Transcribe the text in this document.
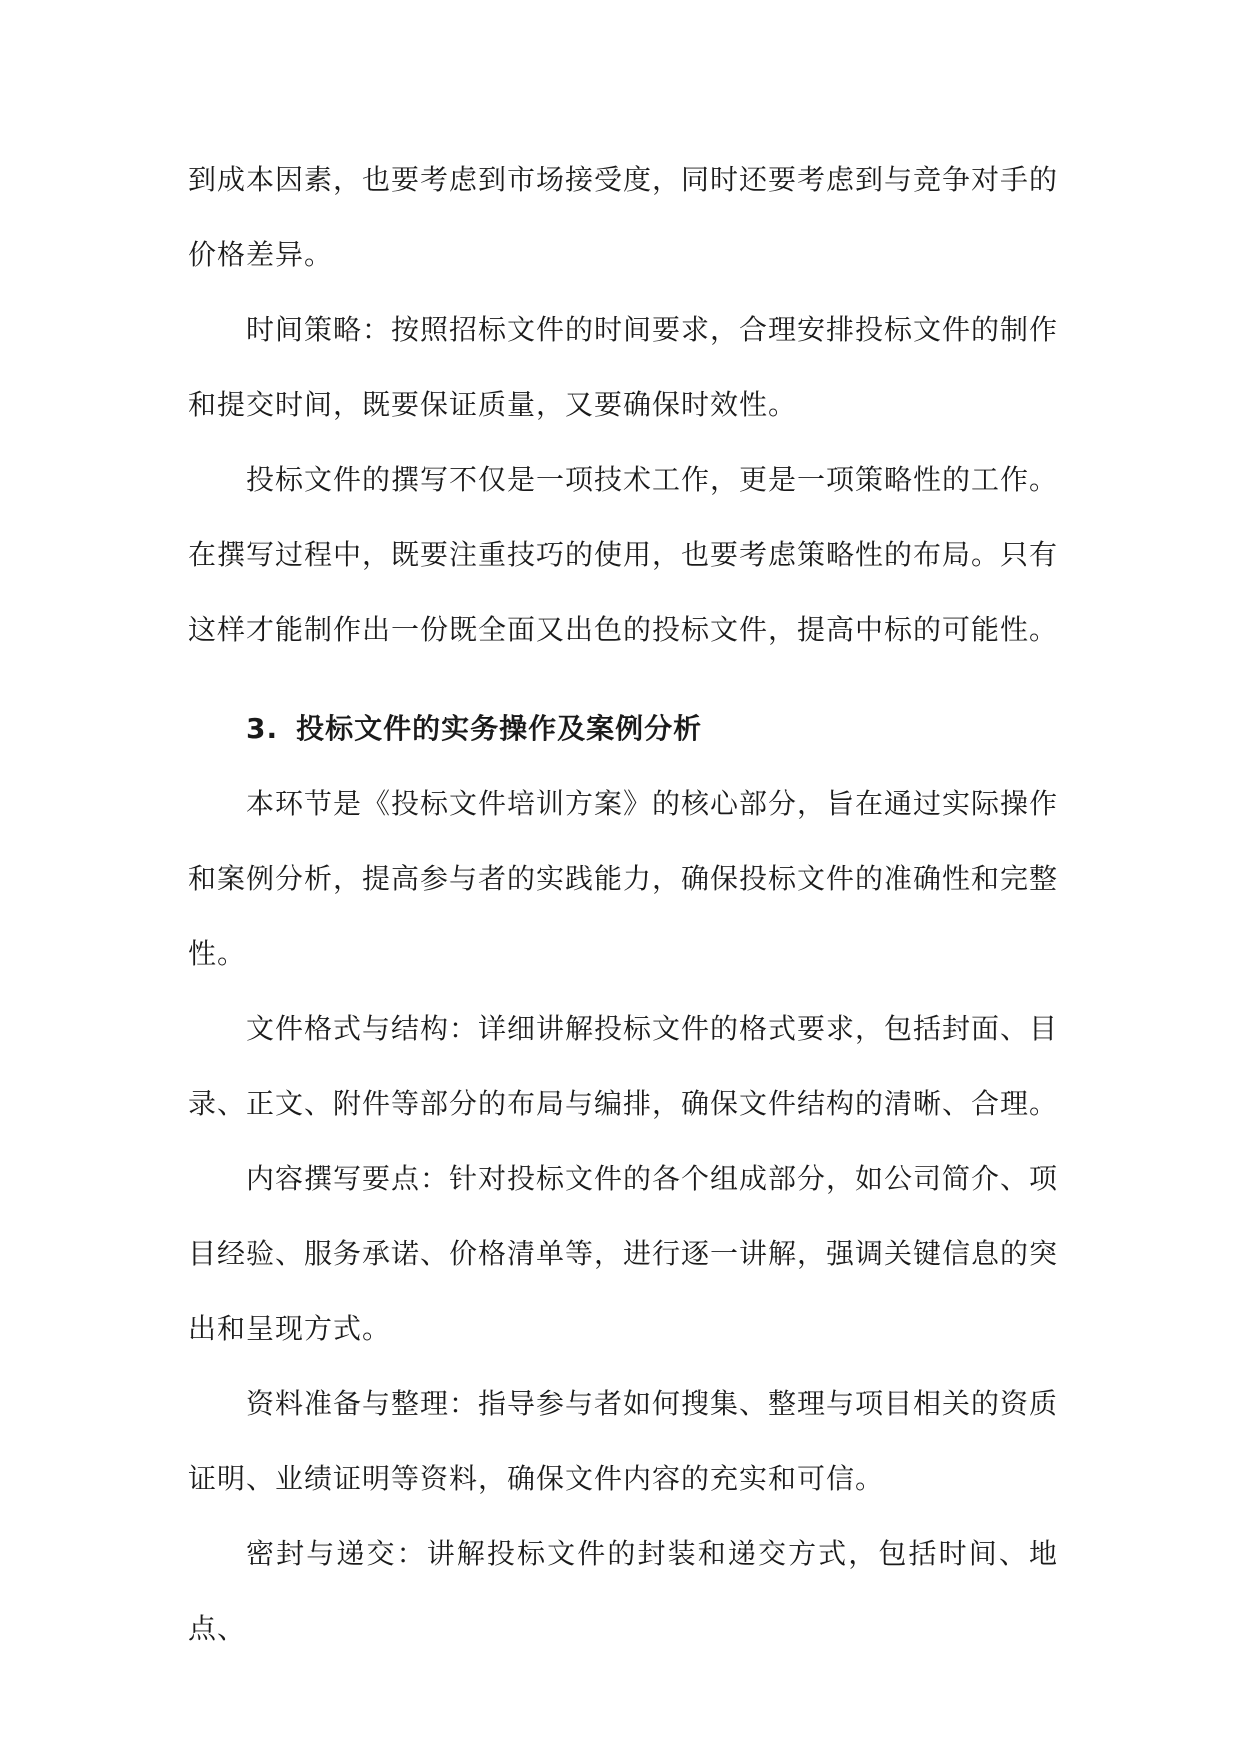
到成本因素，也要考虑到市场接受度，同时还要考虑到与竞争对手的价格差异。

时间策略：按照招标文件的时间要求，合理安排投标文件的制作和提交时间，既要保证质量，又要确保时效性。

投标文件的撰写不仅是一项技术工作，更是一项策略性的工作。在撰写过程中，既要注重技巧的使用，也要考虑策略性的布局。只有这样才能制作出一份既全面又出色的投标文件，提高中标的可能性。

3. 投标文件的实务操作及案例分析

本环节是《投标文件培训方案》的核心部分，旨在通过实际操作和案例分析，提高参与者的实践能力，确保投标文件的准确性和完整性。

文件格式与结构：详细讲解投标文件的格式要求，包括封面、目录、正文、附件等部分的布局与编排，确保文件结构的清晰、合理。

内容撰写要点：针对投标文件的各个组成部分，如公司简介、项目经验、服务承诺、价格清单等，进行逐一讲解，强调关键信息的突出和呈现方式。

资料准备与整理：指导参与者如何搜集、整理与项目相关的资质证明、业绩证明等资料，确保文件内容的充实和可信。

密封与递交：讲解投标文件的封装和递交方式，包括时间、地点、
